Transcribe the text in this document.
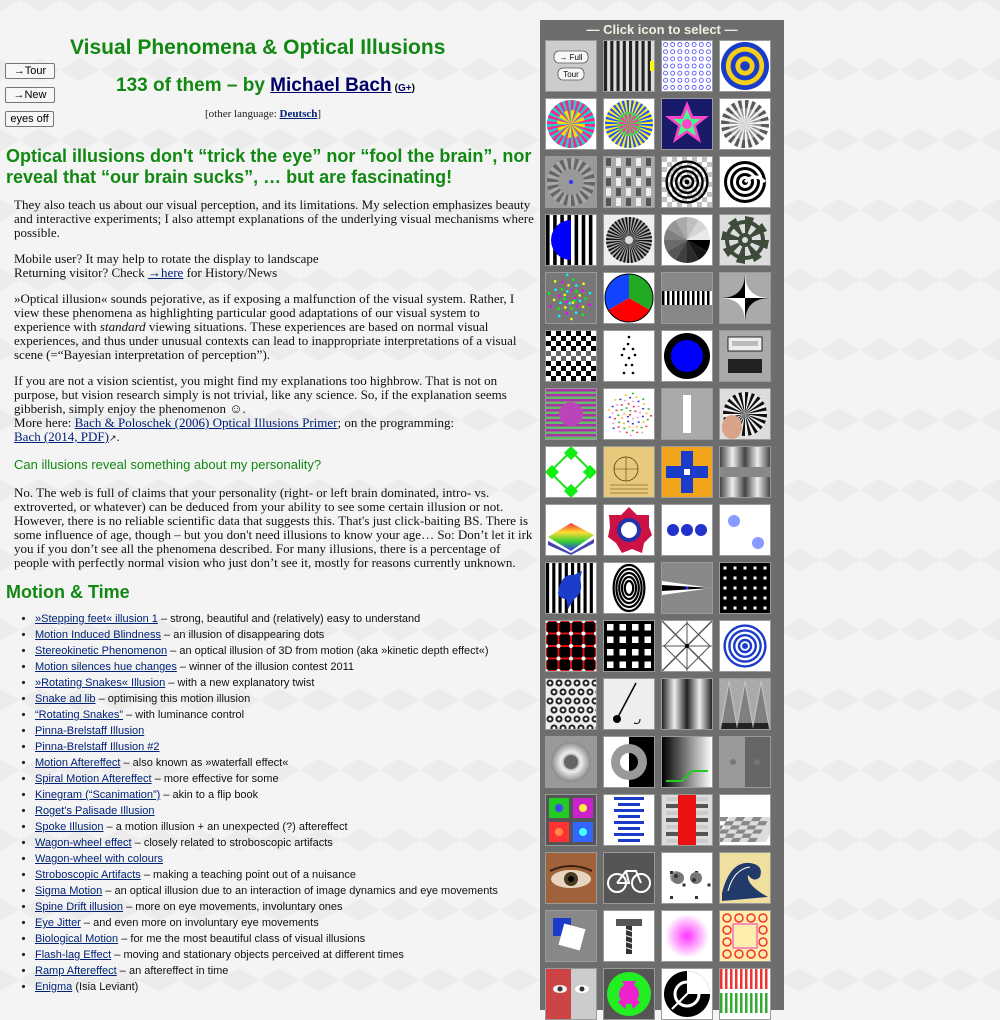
→Tour
→New
eyes off
Visual Phenomena & Optical Illusions
133 of them – by Michael Bach (G+)
[other language: Deutsch]
Optical illusions don't “trick the eye” nor “fool the brain”, nor reveal that “our brain sucks”, … but are fascinating!

They also teach us about our visual perception, and its limitations. My selection emphasizes beauty and interactive experiments; I also attempt explanations of the underlying visual mechanisms where possible.

Mobile user? It may help to rotate the display to landscape
Returning visitor? Check →here for History/News

»Optical illusion« sounds pejorative, as if exposing a malfunction of the visual system. Rather, I view these phenomena as highlighting particular good adaptations of our visual system to experience with standard viewing situations. These experiences are based on normal visual experiences, and thus under unusual contexts can lead to inappropriate interpretations of a visual scene (=“Bayesian interpretation of perception”).

If you are not a vision scientist, you might find my explanations too highbrow. That is not on purpose, but vision research simply is not trivial, like any science. So, if the explanation seems gibberish, simply enjoy the phenomenon ☺.
More here: Bach & Poloschek (2006) Optical Illusions Primer; on the programming:
Bach (2014, PDF)↗.

Can illusions reveal something about my personality?

No. The web is full of claims that your personality (right- or left brain dominated, intro- vs. extroverted, or whatever) can be deduced from your ability to see some certain illusion or not. However, there is no reliable scientific data that suggests this. That's just click-baiting BS. There is some influence of age, though – but you don't need illusions to know your age… So: Don’t let it irk you if you don’t see all the phenomena described. For many illusions, there is a percentage of people with perfectly normal vision who just don’t see it, mostly for reasons currently unknown.

Motion & Time
• »Stepping feet« illusion 1 – strong, beautiful and (relatively) easy to understand
• Motion Induced Blindness – an illusion of disappearing dots
• Stereokinetic Phenomenon – an optical illusion of 3D from motion (aka »kinetic depth effect«)
• Motion silences hue changes – winner of the illusion contest 2011
• »Rotating Snakes« Illusion – with a new explanatory twist
• Snake ad lib – optimising this motion illusion
• “Rotating Snakes” – with luminance control
• Pinna-Brelstaff Illusion
• Pinna-Brelstaff Illusion #2
• Motion Aftereffect – also known as »waterfall effect«
• Spiral Motion Aftereffect – more effective for some
• Kinegram (“Scanimation”) – akin to a flip book
• Roget's Palisade Illusion
• Spoke Illusion – a motion illusion + an unexpected (?) aftereffect
• Wagon-wheel effect – closely related to stroboscopic artifacts
• Wagon-wheel with colours
• Stroboscopic Artifacts – making a teaching point out of a nuisance
• Sigma Motion – an optical illusion due to an interaction of image dynamics and eye movements
• Spine Drift illusion – more on eye movements, involuntary ones
• Eye Jitter – and even more on involuntary eye movements
• Biological Motion – for me the most beautiful class of visual illusions
• Flash-lag Effect – moving and stationary objects perceived at different times
• Ramp Aftereffect – an aftereffect in time
• Enigma (Isia Leviant)
— Click icon to select —
→ Full
Tour
